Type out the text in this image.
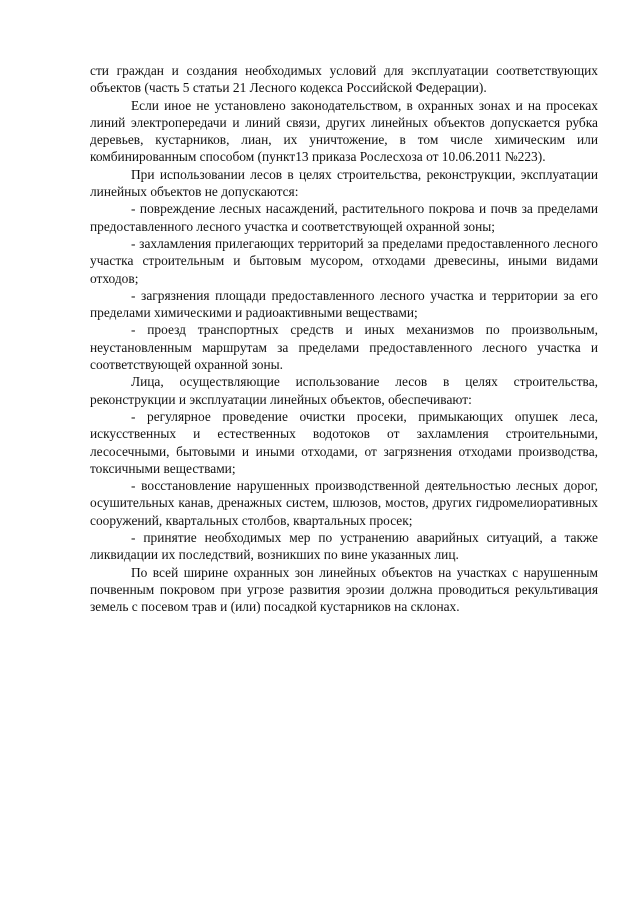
сти граждан и создания необходимых условий для эксплуатации соответствующих объектов (часть 5 статьи 21 Лесного кодекса Российской Федерации).

Если иное не установлено законодательством, в охранных зонах и на просеках линий электропередачи и линий связи, других линейных объектов допускается рубка деревьев, кустарников, лиан, их уничтожение, в том числе химическим или комбинированным способом (пункт13 приказа Рослесхоза от 10.06.2011 №223).

При использовании лесов в целях строительства, реконструкции, эксплуатации линейных объектов не допускаются:

- повреждение лесных насаждений, растительного покрова и почв за пределами предоставленного лесного участка и соответствующей охранной зоны;

- захламления прилегающих территорий за пределами предоставленного лесного участка строительным и бытовым мусором, отходами древесины, иными видами отходов;

- загрязнения площади предоставленного лесного участка и территории за его пределами химическими и радиоактивными веществами;

- проезд транспортных средств и иных механизмов по произвольным, неустановленным маршрутам за пределами предоставленного лесного участка и соответствующей охранной зоны.

Лица, осуществляющие использование лесов в целях строительства, реконструкции и эксплуатации линейных объектов, обеспечивают:

- регулярное проведение очистки просеки, примыкающих опушек леса, искусственных и естественных водотоков от захламления строительными, лесосечными, бытовыми и иными отходами, от загрязнения отходами производства, токсичными веществами;

- восстановление нарушенных производственной деятельностью лесных дорог, осушительных канав, дренажных систем, шлюзов, мостов, других гидромелиоративных сооружений, квартальных столбов, квартальных просек;

- принятие необходимых мер по устранению аварийных ситуаций, а также ликвидации их последствий, возникших по вине указанных лиц.

По всей ширине охранных зон линейных объектов на участках с нарушенным почвенным покровом при угрозе развития эрозии должна проводиться рекультивация земель с посевом трав и (или) посадкой кустарников на склонах.
